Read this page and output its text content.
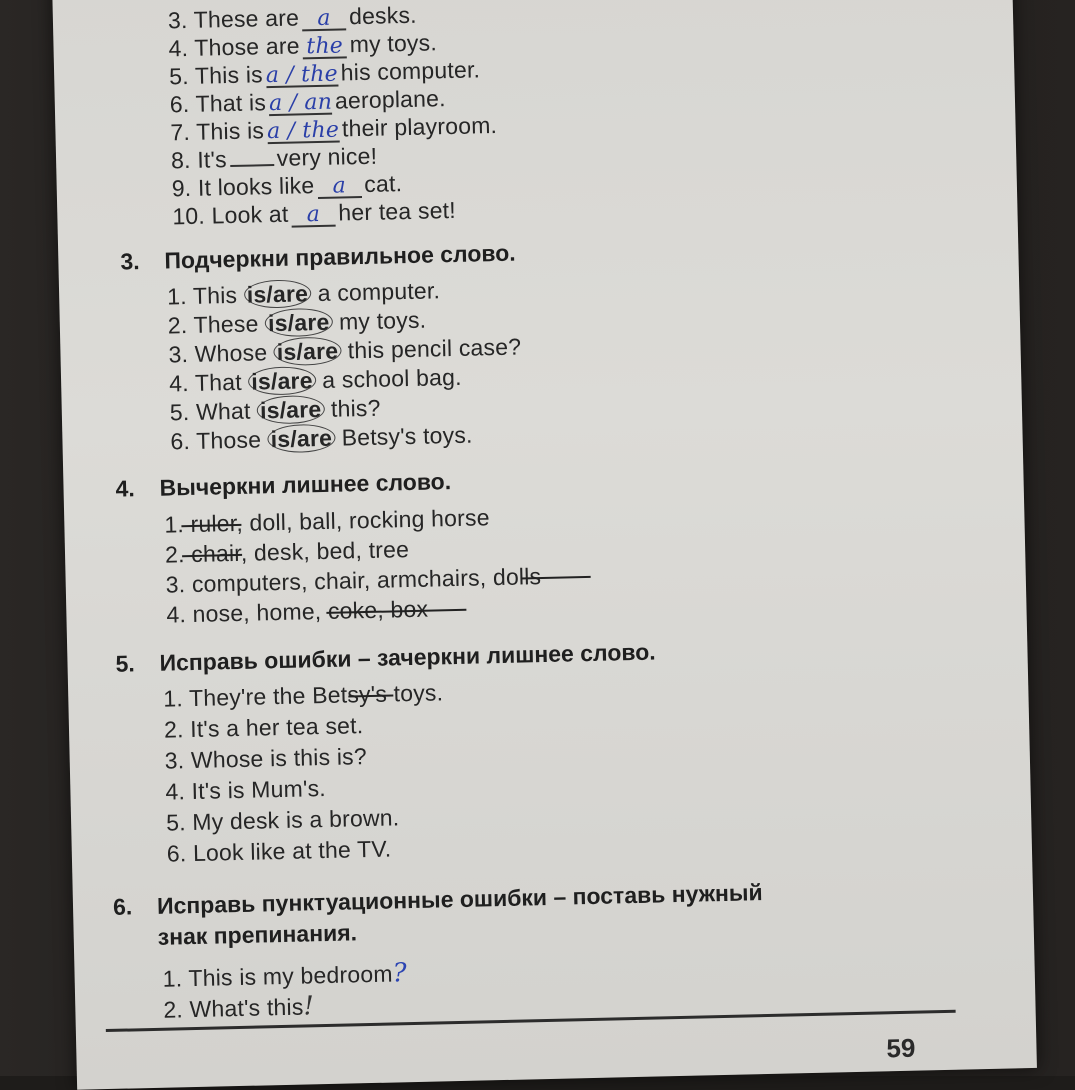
3. These are a desks.
4. Those are the my toys.
5. This is a / the his computer.
6. That is a / an aeroplane.
7. This is a / the their playroom.
8. It's very nice!
9. It looks like a cat.
10. Look at a her tea set!
3. Подчеркни правильное слово.
1. This is/are a computer.
2. These is/are my toys.
3. Whose is/are this pencil case?
4. That is/are a school bag.
5. What is/are this?
6. Those is/are Betsy's toys.
4. Вычеркни лишнее слово.
1. ruler, doll, ball, rocking horse
2. chair, desk, bed, tree
3. computers, chair, armchairs, dolls
4. nose, home, coke, box
5. Исправь ошибки – зачеркни лишнее слово.
1. They're the Betsy's toys.
2. It's a her tea set.
3. Whose is this is?
4. It's is Mum's.
5. My desk is a brown.
6. Look like at the TV.
6. Исправь пунктуационные ошибки – поставь нужный
знак препинания.
1. This is my bedroom?
2. What's this!
59
